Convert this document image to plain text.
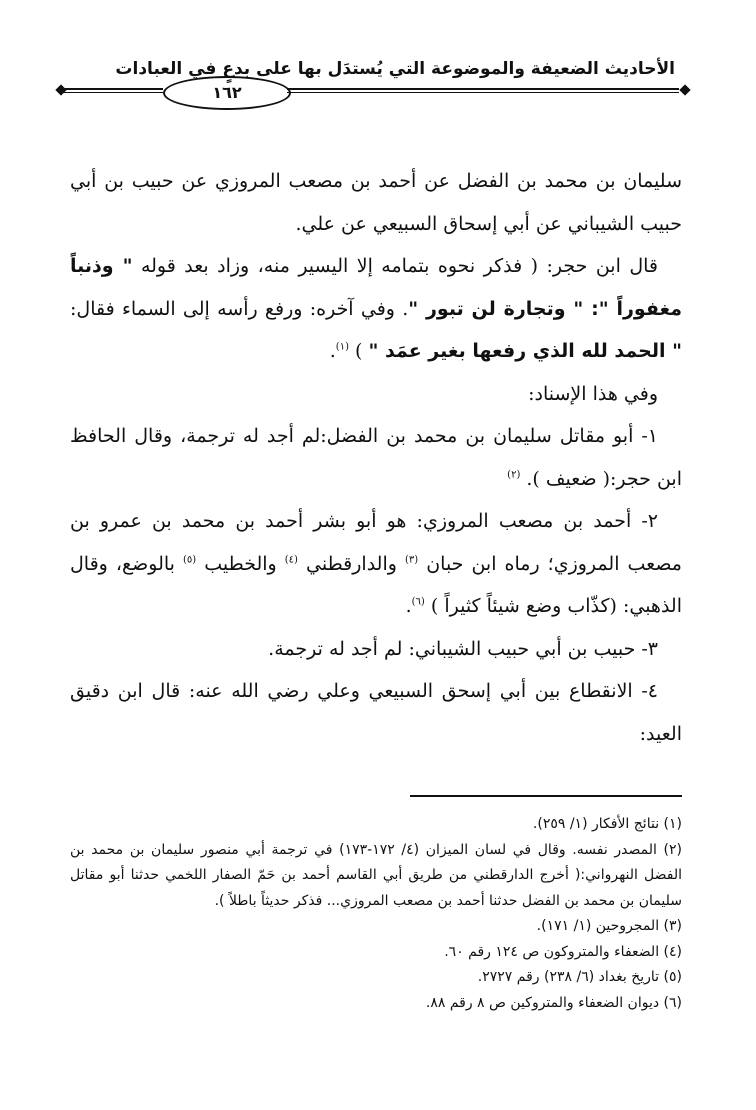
الأحاديث الضعيفة والموضوعة التي يُستدَل بها على بدعٍ في العبادات
١٦٢

سليمان بن محمد بن الفضل عن أحمد بن مصعب المروزي عن حبيب بن أبي حبيب الشيباني عن أبي إسحاق السبيعي عن علي.

قال ابن حجر: ( فذكر نحوه بتمامه إلا اليسير منه، وزاد بعد قوله " وذنباً مغفوراً ": " وتجارة لن تبور ". وفي آخره: ورفع رأسه إلى السماء فقال: " الحمد لله الذي رفعها بغير عمَد " ) $^{(١)}$.

وفي هذا الإسناد:

١- أبو مقاتل سليمان بن محمد بن الفضل:لم أجد له ترجمة، وقال الحافظ ابن حجر:( ضعيف ). $^{(٢)}$

٢- أحمد بن مصعب المروزي: هو أبو بشر أحمد بن محمد بن عمرو بن مصعب المروزي؛ رماه ابن حبان $^{(٣)}$ والدارقطني $^{(٤)}$ والخطيب $^{(٥)}$ بالوضع، وقال الذهبي: (كذّاب وضع شيئاً كثيراً ) $^{(٦)}$.

٣- حبيب بن أبي حبيب الشيباني: لم أجد له ترجمة.

٤- الانقطاع بين أبي إسحق السبيعي وعلي رضي الله عنه: قال ابن دقيق العيد:

(١) نتائج الأفكار (١/ ٢٥٩).

(٢) المصدر نفسه. وقال في لسان الميزان (٤/ ١٧٢-١٧٣) في ترجمة أبي منصور سليمان بن محمد بن الفضل النهرواني:( أخرج الدارقطني من طريق أبي القاسم أحمد بن حَمّ الصفار اللخمي حدثنا أبو مقاتل سليمان بن محمد بن الفضل حدثنا أحمد بن مصعب المروزي... فذكر حديثاً باطلاً ).

(٣) المجروحين (١/ ١٧١).

(٤) الضعفاء والمتروكون ص ١٢٤ رقم ٦٠.

(٥) تاريخ بغداد (٦/ ٢٣٨) رقم ٢٧٢٧.

(٦) ديوان الضعفاء والمتروكين ص ٨ رقم ٨٨.
